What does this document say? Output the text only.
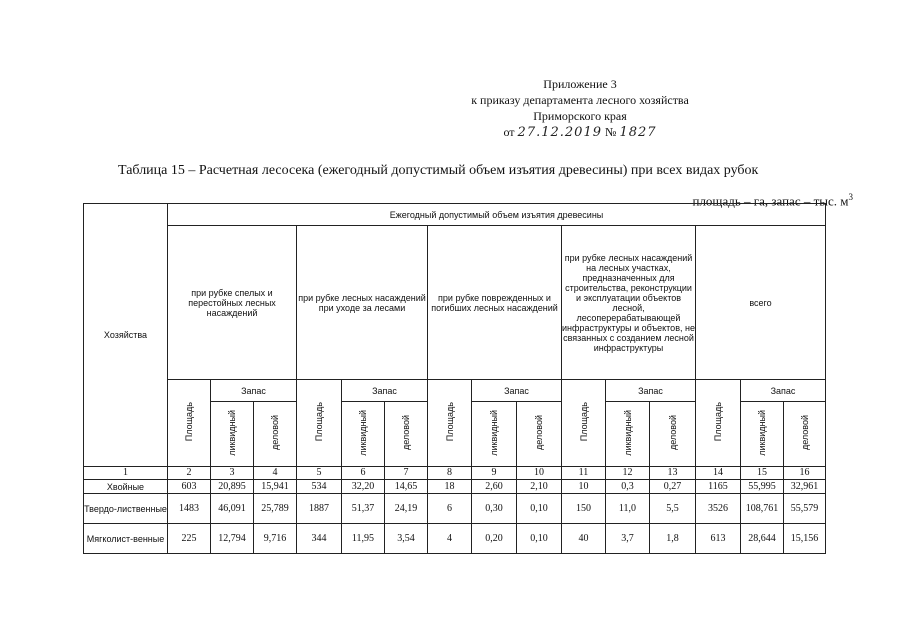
Приложение 3
к приказу департамента лесного хозяйства
Приморского края
от 27.12.2019 № 1827
Таблица 15 – Расчетная лесосека (ежегодный допустимый объем изъятия древесины) при всех видах рубок
площадь – га, запас – тыс. $м^3$
Хозяйства	Ежегодный допустимый объем изъятия древесины														
	при рубке спелых и перестойных лесных насаждений			при рубке лесных насаждений при уходе за лесами			при рубке поврежденных и погибших лесных насаждений			при рубке лесных насаждений на лесных участках, предназначенных для строительства, реконструкции и эксплуатации объектов лесной, лесоперерабатывающей инфраструктуры и объектов, не связанных с созданием лесной инфраструктуры			всего		
	Площадь	Запас		Площадь	Запас		Площадь	Запас		Площадь	Запас		Площадь	Запас	
		ликвидный	деловой		ликвидный	деловой		ликвидный	деловой		ликвидный	деловой		ликвидный	деловой
1	2	3	4	5	6	7	8	9	10	11	12	13	14	15	16
Хвойные	603	20,895	15,941	534	32,20	14,65	18	2,60	2,10	10	0,3	0,27	1165	55,995	32,961
Твердо-лиственные	1483	46,091	25,789	1887	51,37	24,19	6	0,30	0,10	150	11,0	5,5	3526	108,761	55,579
Мягколист-венные	225	12,794	9,716	344	11,95	3,54	4	0,20	0,10	40	3,7	1,8	613	28,644	15,156
